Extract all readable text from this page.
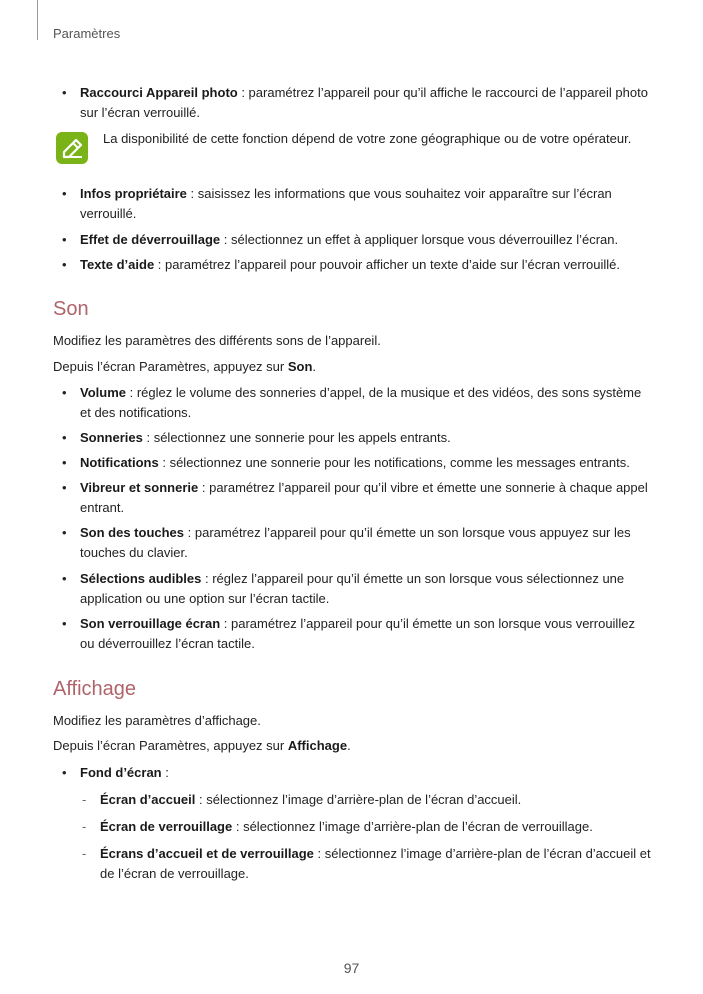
Paramètres
• Raccourci Appareil photo : paramétrez l’appareil pour qu’il affiche le raccourci de l’appareil photo sur l’écran verrouillé.
La disponibilité de cette fonction dépend de votre zone géographique ou de votre opérateur.
• Infos propriétaire : saisissez les informations que vous souhaitez voir apparaître sur l’écran verrouillé.
• Effet de déverrouillage : sélectionnez un effet à appliquer lorsque vous déverrouillez l’écran.
• Texte d’aide : paramétrez l’appareil pour pouvoir afficher un texte d’aide sur l’écran verrouillé.
Son
Modifiez les paramètres des différents sons de l’appareil.
Depuis l’écran Paramètres, appuyez sur Son.
• Volume : réglez le volume des sonneries d’appel, de la musique et des vidéos, des sons système et des notifications.
• Sonneries : sélectionnez une sonnerie pour les appels entrants.
• Notifications : sélectionnez une sonnerie pour les notifications, comme les messages entrants.
• Vibreur et sonnerie : paramétrez l’appareil pour qu’il vibre et émette une sonnerie à chaque appel entrant.
• Son des touches : paramétrez l’appareil pour qu’il émette un son lorsque vous appuyez sur les touches du clavier.
• Sélections audibles : réglez l’appareil pour qu’il émette un son lorsque vous sélectionnez une application ou une option sur l’écran tactile.
• Son verrouillage écran : paramétrez l’appareil pour qu’il émette un son lorsque vous verrouillez ou déverrouillez l’écran tactile.
Affichage
Modifiez les paramètres d’affichage.
Depuis l’écran Paramètres, appuyez sur Affichage.
• Fond d’écran :
- Écran d’accueil : sélectionnez l’image d’arrière-plan de l’écran d’accueil.
- Écran de verrouillage : sélectionnez l’image d’arrière-plan de l’écran de verrouillage.
- Écrans d’accueil et de verrouillage : sélectionnez l’image d’arrière-plan de l’écran d’accueil et de l’écran de verrouillage.
97
